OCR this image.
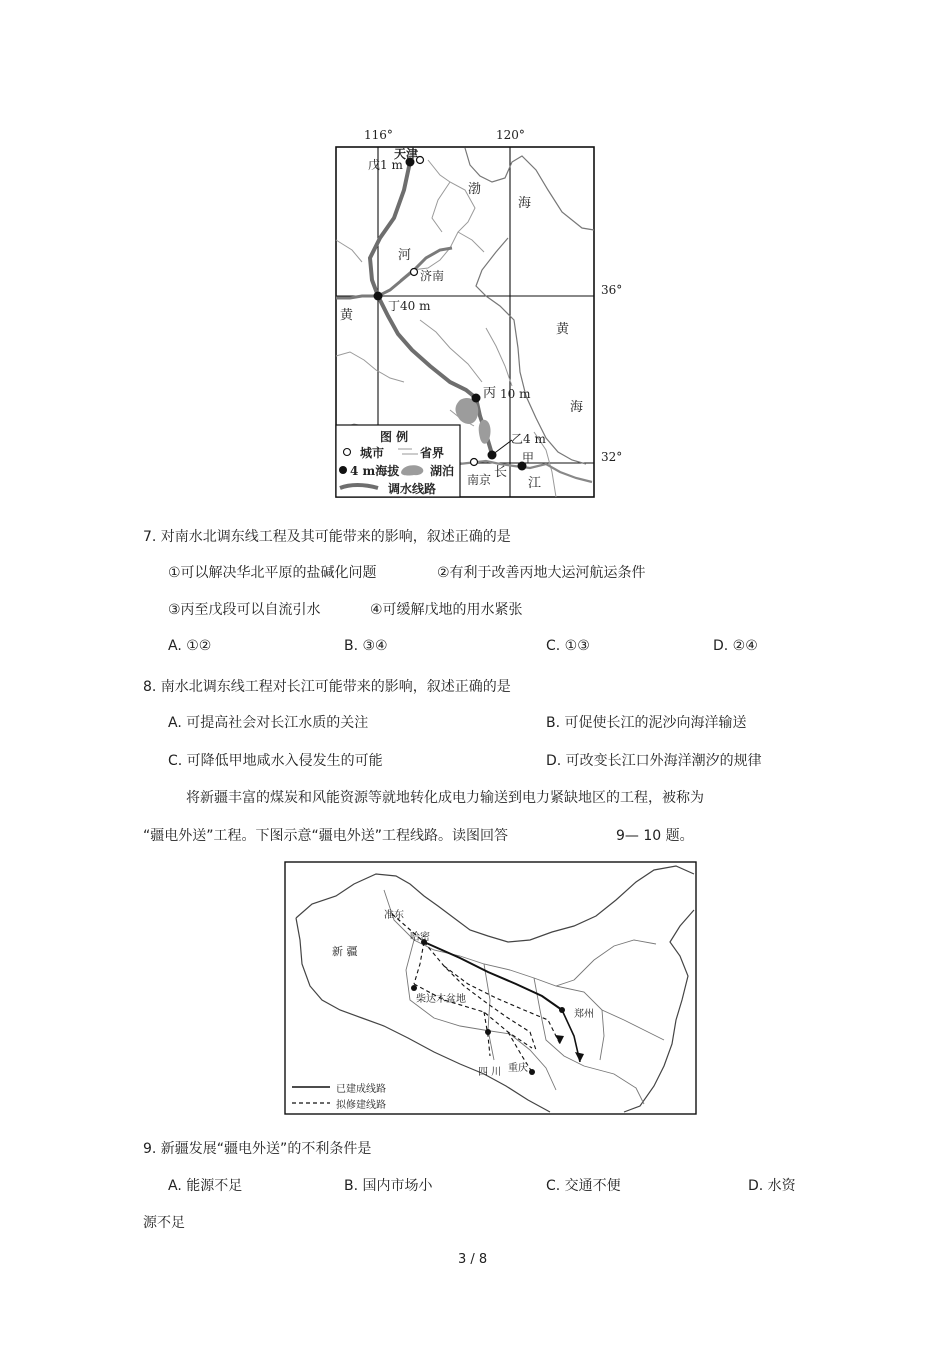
116°	120°
36°
32°
天津
戊1 m
渤
海
河
济南
丁40 m
黄
黄
海
丙 10 m
乙4 m
甲
南京 长
江
图 例
城市	省界
4 m海拔	湖泊
调水线路
7. 对南水北调东线工程及其可能带来的影响，叙述正确的是
①可以解决华北平原的盐碱化问题	②有利于改善丙地大运河航运条件
③丙至戊段可以自流引水	④可缓解戊地的用水紧张
A. ①②	B. ③④	C. ①③	D. ②④
8. 南水北调东线工程对长江可能带来的影响，叙述正确的是
A. 可提高社会对长江水质的关注	B. 可促使长江的泥沙向海洋输送
C. 可降低甲地咸水入侵发生的可能	D. 可改变长江口外海洋潮汐的规律
将新疆丰富的煤炭和风能资源等就地转化成电力输送到电力紧缺地区的工程，被称为
“疆电外送”工程。下图示意“疆电外送”工程线路。读图回答	9— 10 题。
准东
哈密
新 疆
柴达木盆地
郑州
四 川 重庆
已建成线路
拟修建线路
9. 新疆发展“疆电外送”的不利条件是
A. 能源不足	B. 国内市场小	C. 交通不便	D. 水资
源不足
3 / 8
